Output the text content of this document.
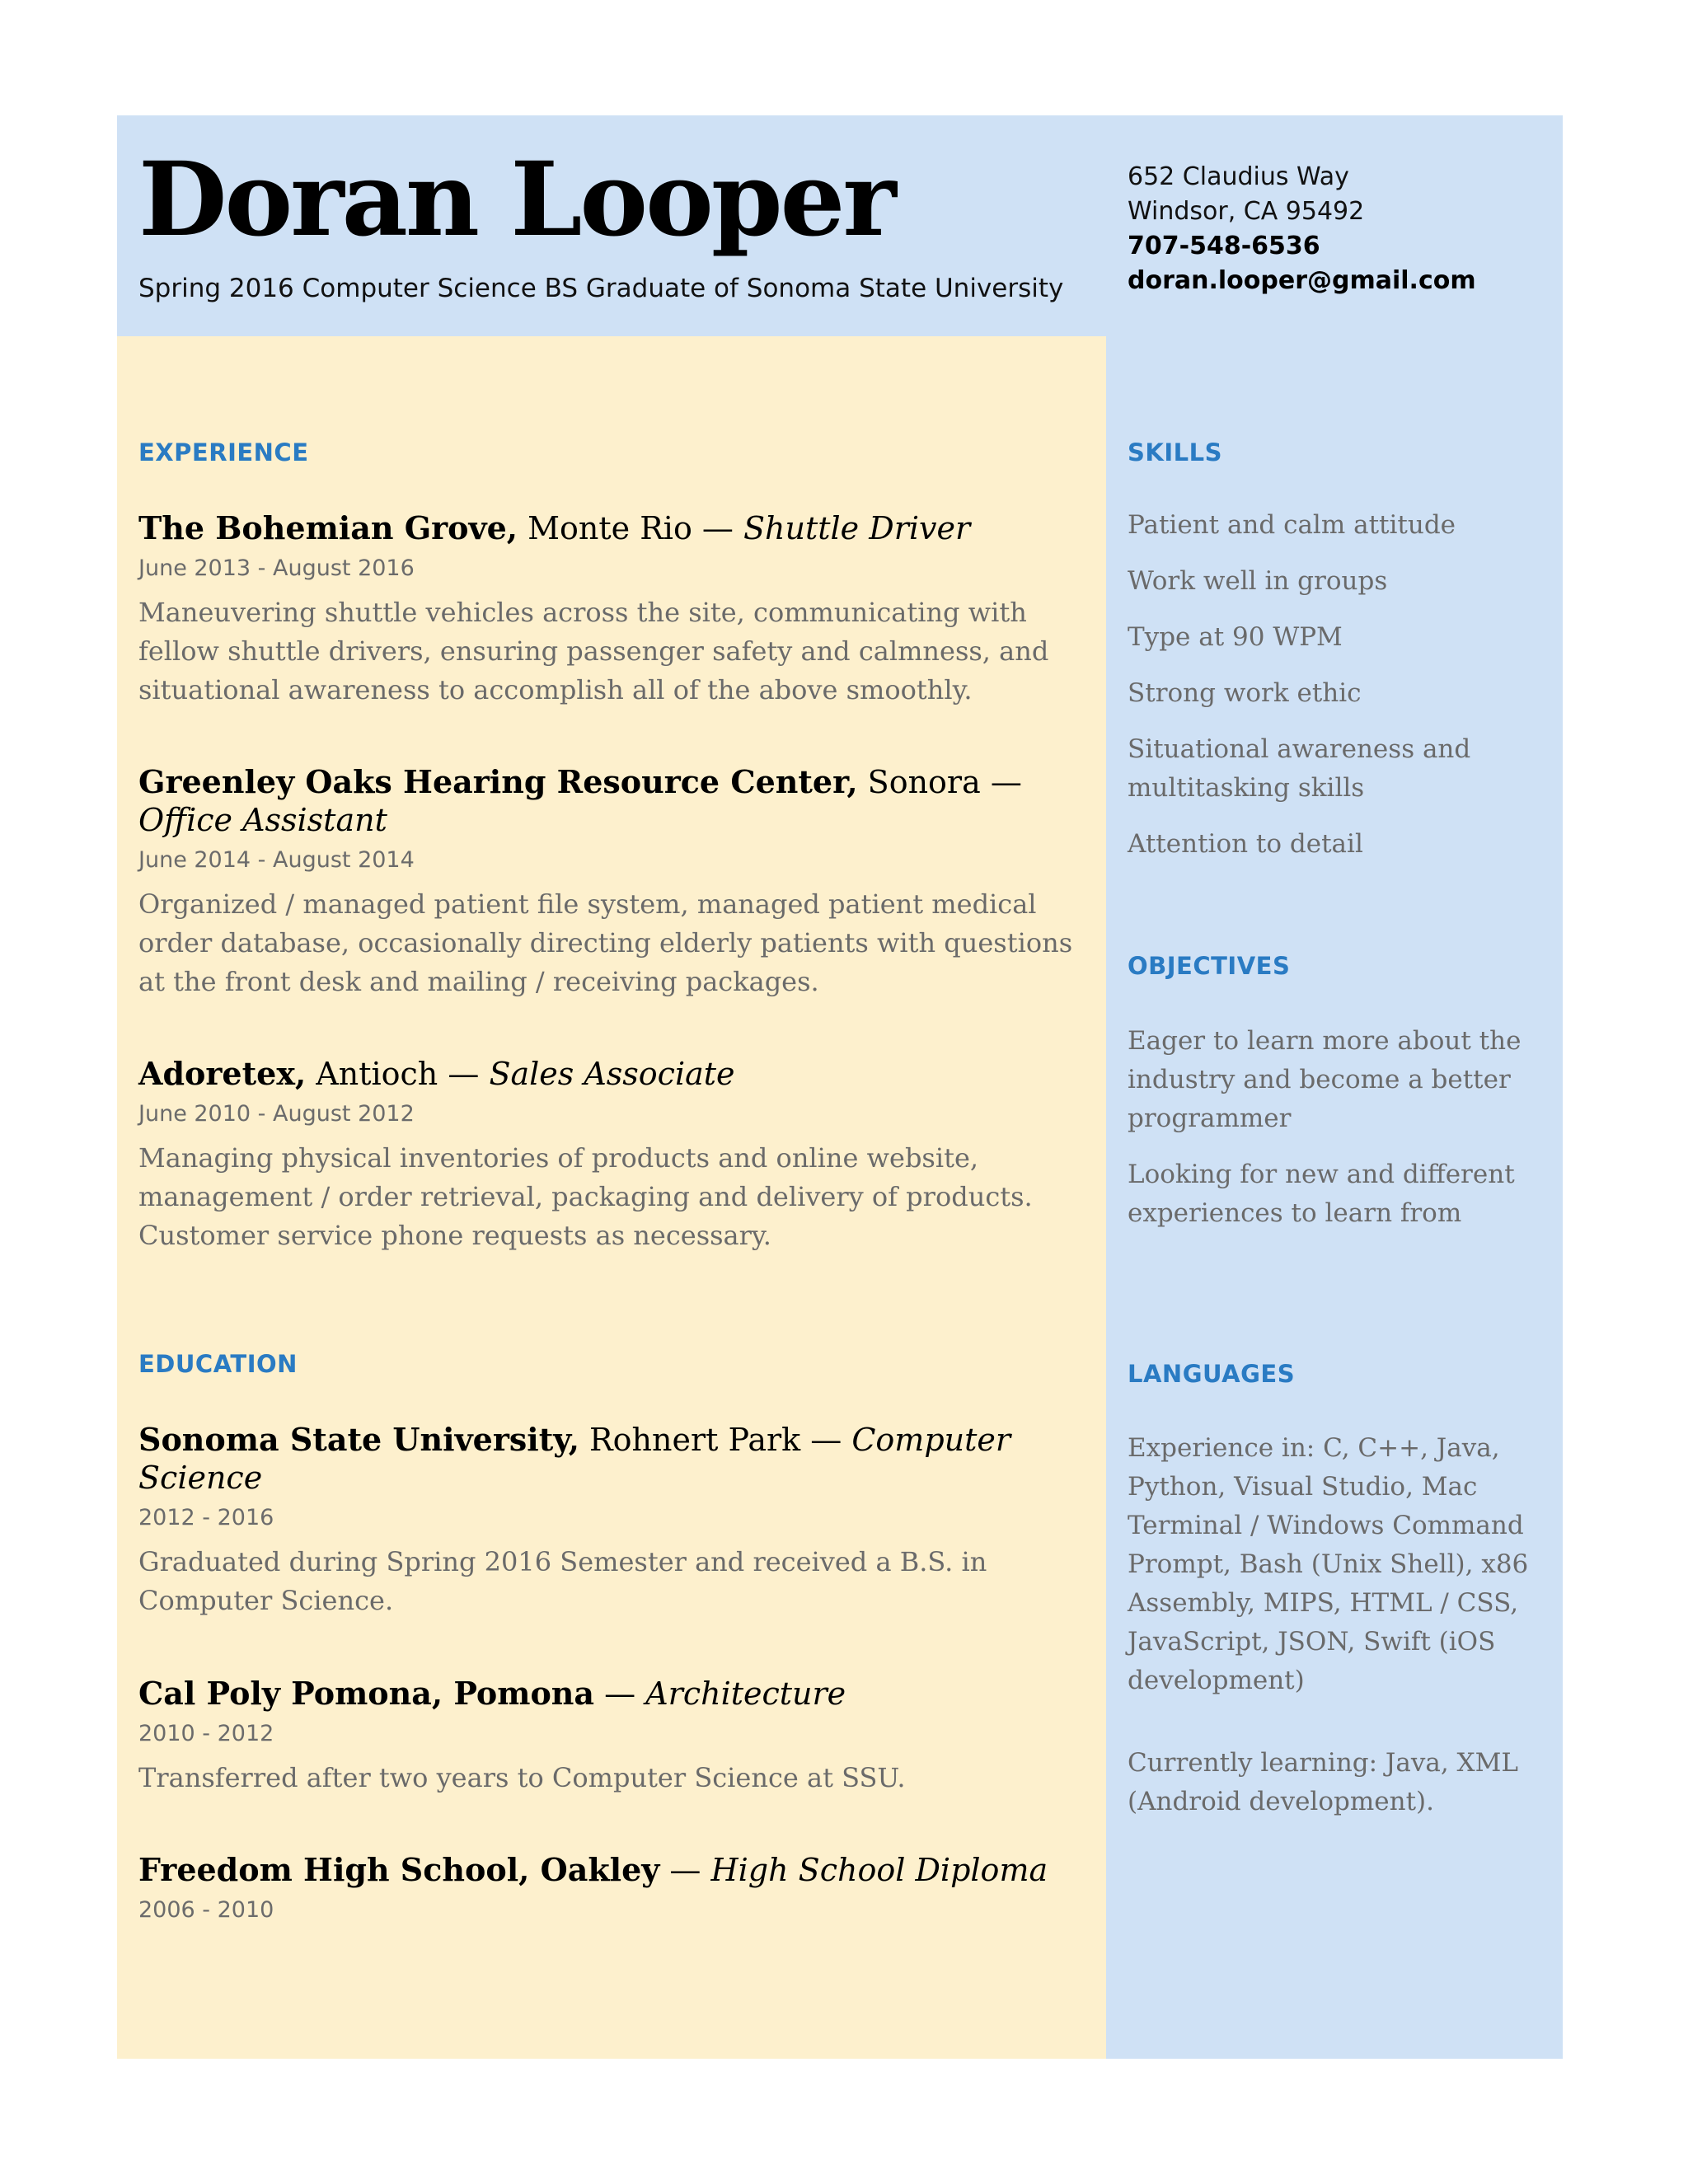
Doran Looper
Spring 2016 Computer Science BS Graduate of Sonoma State University
652 Claudius Way
Windsor, CA 95492
707-548-6536
doran.looper@gmail.com
EXPERIENCE
The Bohemian Grove, Monte Rio — Shuttle Driver
June 2013 - August 2016
Maneuvering shuttle vehicles across the site, communicating with fellow shuttle drivers, ensuring passenger safety and calmness, and situational awareness to accomplish all of the above smoothly.
Greenley Oaks Hearing Resource Center, Sonora — Office Assistant
June 2014 - August 2014
Organized / managed patient file system, managed patient medical order database, occasionally directing elderly patients with questions at the front desk and mailing / receiving packages.
Adoretex, Antioch — Sales Associate
June 2010 - August 2012
Managing physical inventories of products and online website, management / order retrieval, packaging and delivery of products. Customer service phone requests as necessary.
EDUCATION
Sonoma State University, Rohnert Park — Computer Science
2012 - 2016
Graduated during Spring 2016 Semester and received a B.S. in Computer Science.
Cal Poly Pomona, Pomona — Architecture
2010 - 2012
Transferred after two years to Computer Science at SSU.
Freedom High School, Oakley — High School Diploma
2006 - 2010
SKILLS
Patient and calm attitude
Work well in groups
Type at 90 WPM
Strong work ethic
Situational awareness and multitasking skills
Attention to detail
OBJECTIVES
Eager to learn more about the industry and become a better programmer
Looking for new and different experiences to learn from
LANGUAGES
Experience in: C, C++, Java, Python, Visual Studio, Mac Terminal / Windows Command Prompt, Bash (Unix Shell), x86 Assembly, MIPS, HTML / CSS, JavaScript, JSON, Swift (iOS development)
Currently learning: Java, XML (Android development).
